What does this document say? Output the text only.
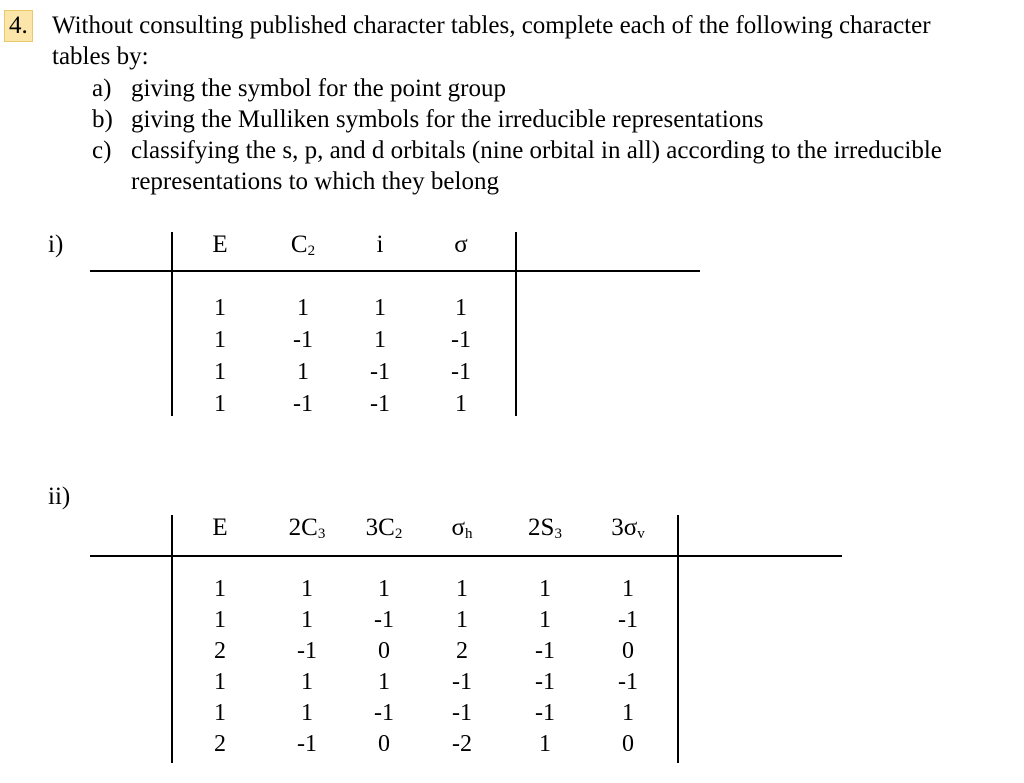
4. Without consulting published character tables, complete each of the following character
tables by:
a) giving the symbol for the point group
b) giving the Mulliken symbols for the irreducible representations
c) classifying the s, p, and d orbitals (nine orbital in all) according to the irreducible
representations to which they belong
i)	E	$C_2$	i	σ
1	1	1	1
1	-1	1	-1
1	1	-1	-1
1	-1	-1	1
ii)
E	$2C_3$	$3C_2$	$\sigma_h$	$2S_3$	$3\sigma_v$
1	1	1	1	1	1
1	1	-1	1	1	-1
2	-1	0	2	-1	0
1	1	1	-1	-1	-1
1	1	-1	-1	-1	1
2	-1	0	-2	1	0
